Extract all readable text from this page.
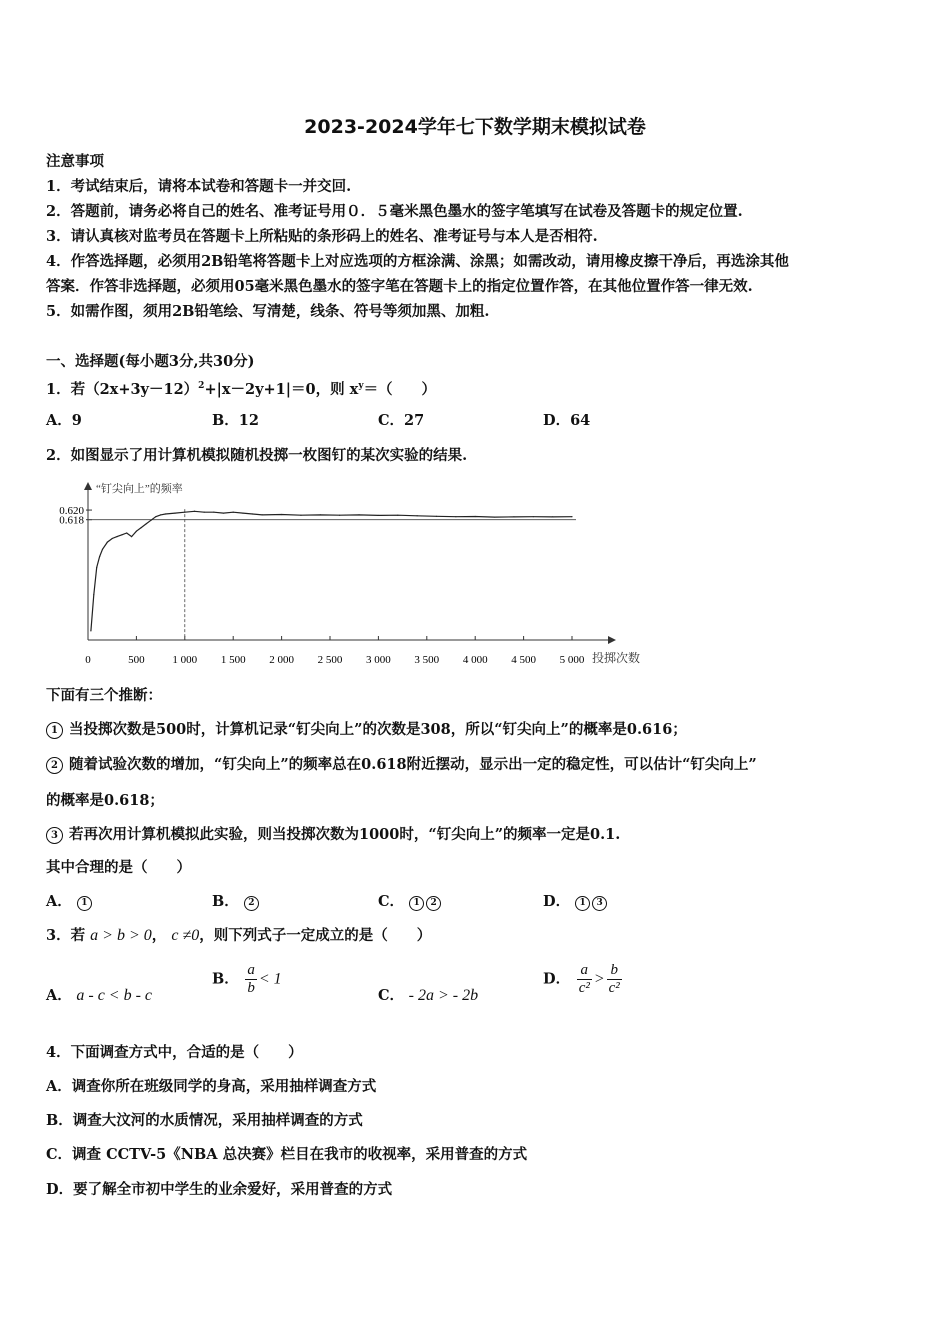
2023-2024学年七下数学期末模拟试卷
注意事项
1．考试结束后，请将本试卷和答题卡一并交回.
2．答题前，请务必将自己的姓名、准考证号用０．５毫米黑色墨水的签字笔填写在试卷及答题卡的规定位置.
3．请认真核对监考员在答题卡上所粘贴的条形码上的姓名、准考证号与本人是否相符.
4．作答选择题，必须用2B铅笔将答题卡上对应选项的方框涂满、涂黑；如需改动，请用橡皮擦干净后，再选涂其他
答案．作答非选择题，必须用05毫米黑色墨水的签字笔在答题卡上的指定位置作答，在其他位置作答一律无效.
5．如需作图，须用2B铅笔绘、写清楚，线条、符号等须加黑、加粗.
一、选择题(每小题3分,共30分)
1．若$(2x+3y-12)^2+|x-2y+1|=0$，则 $x^y=$（　　）
A．9	B．12	C．27	D．64
2．如图显示了用计算机模拟随机投掷一枚图钉的某次实验的结果.
“钉尖向上”的频率
0.620
0.618
0	500	1 000 1 500 2 000 2 500 3 000 3 500 4 000 4 500 5 000 投掷次数
下面有三个推断：
1 当投掷次数是500时，计算机记录“钉尖向上”的次数是308，所以“钉尖向上”的概率是0.616；
2 随着试验次数的增加，“钉尖向上”的频率总在0.618附近摆动，显示出一定的稳定性，可以估计“钉尖向上”
的概率是0.618；
3 若再次用计算机模拟此实验，则当投掷次数为1000时，“钉尖向上”的频率一定是0.1.
其中合理的是（　　）
A． 1	B． 2	C． 1 2	D． 1 3
3．若 a > b > 0， c ≠0，则下列式子一定成立的是（　　）
A． a - c < b - c
B． $\frac{a}{b} < 1$
C． - 2a > - 2b
D． $\frac{a}{\text{c²}} > \frac{b}{\text{c²}}$
4．下面调查方式中，合适的是（　　）
A．调查你所在班级同学的身高，采用抽样调查方式
B．调查大汶河的水质情况，采用抽样调查的方式
C．调查 CCTV-5《NBA 总决赛》栏目在我市的收视率，采用普查的方式
D．要了解全市初中学生的业余爱好，采用普查的方式
